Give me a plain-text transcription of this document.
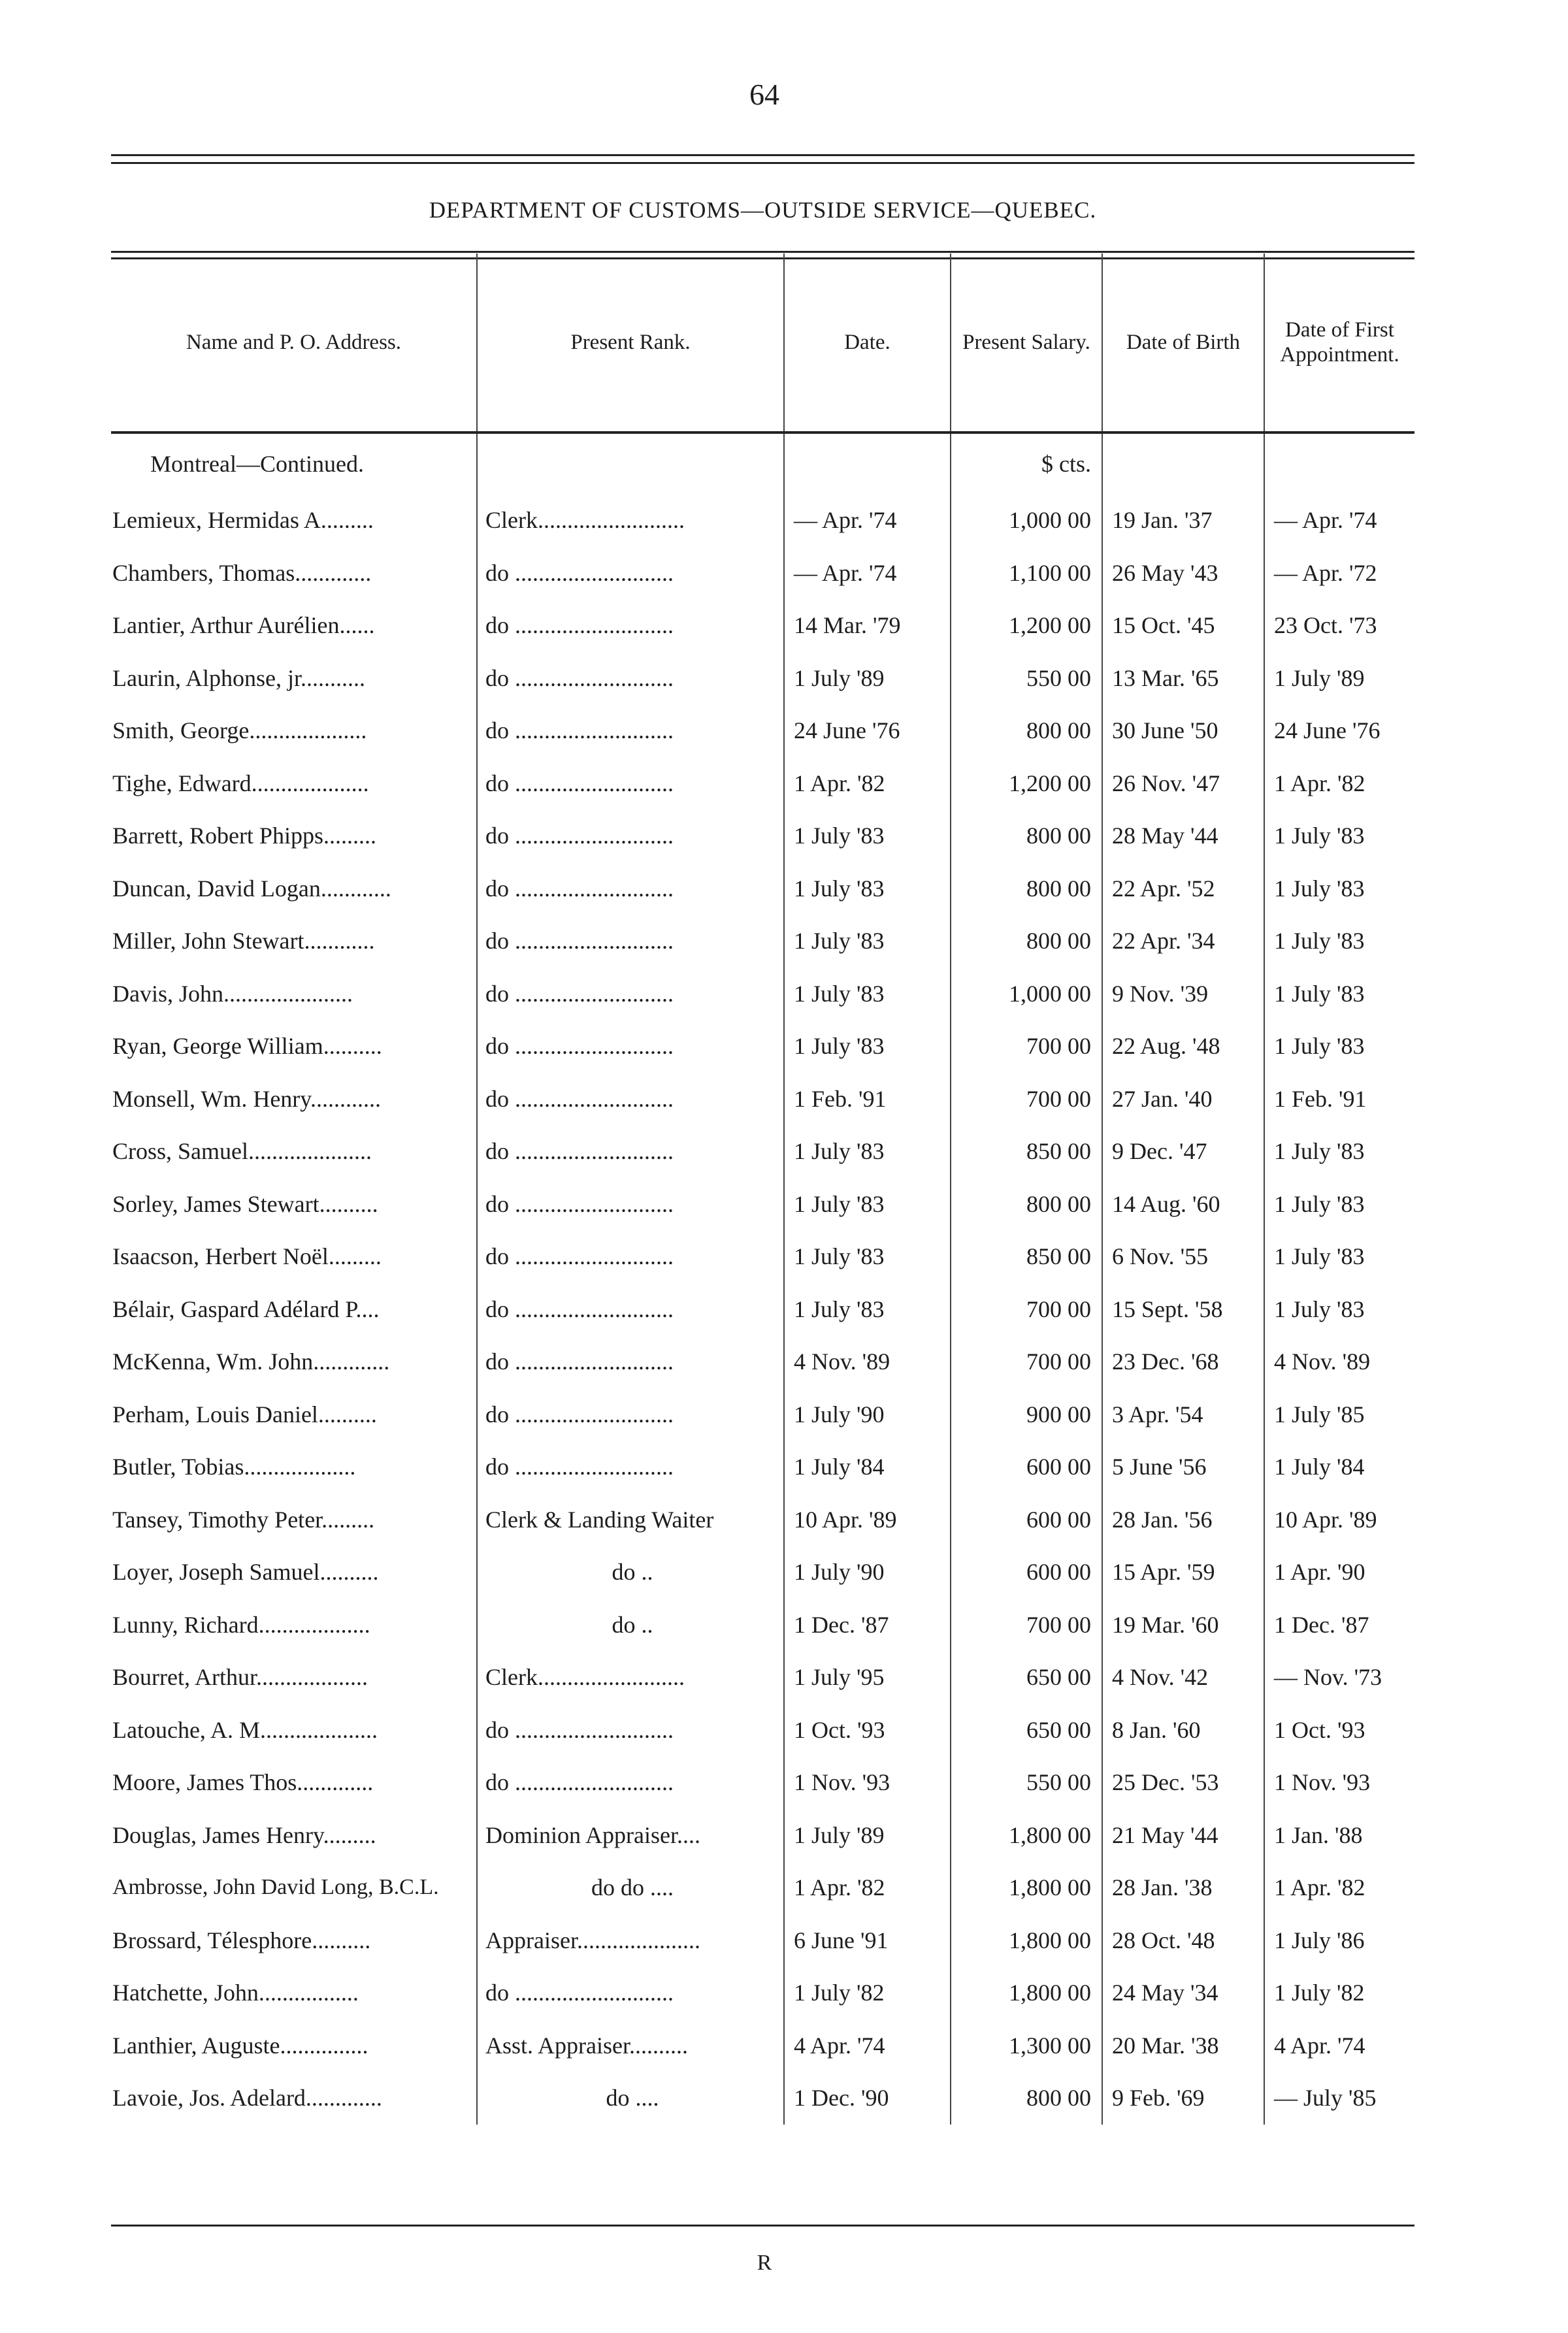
64
DEPARTMENT OF CUSTOMS—OUTSIDE SERVICE—QUEBEC.
Name and P. O. Address.	Present Rank.	Date.	Present Salary.	Date of Birth	Date of First Appointment.
Montreal—Continued.			$ cts.		
Lemieux, Hermidas A.........	Clerk.........................	— Apr. '74	1,000 00	19 Jan. '37	— Apr. '74
Chambers, Thomas.............	do ...........................	— Apr. '74	1,100 00	26 May '43	— Apr. '72
Lantier, Arthur Aurélien......	do ...........................	14 Mar. '79	1,200 00	15 Oct. '45	23 Oct. '73
Laurin, Alphonse, jr...........	do ...........................	1 July '89	550 00	13 Mar. '65	1 July '89
Smith, George....................	do ...........................	24 June '76	800 00	30 June '50	24 June '76
Tighe, Edward....................	do ...........................	1 Apr. '82	1,200 00	26 Nov. '47	1 Apr. '82
Barrett, Robert Phipps.........	do ...........................	1 July '83	800 00	28 May '44	1 July '83
Duncan, David Logan............	do ...........................	1 July '83	800 00	22 Apr. '52	1 July '83
Miller, John Stewart............	do ...........................	1 July '83	800 00	22 Apr. '34	1 July '83
Davis, John......................	do ...........................	1 July '83	1,000 00	9 Nov. '39	1 July '83
Ryan, George William..........	do ...........................	1 July '83	700 00	22 Aug. '48	1 July '83
Monsell, Wm. Henry............	do ...........................	1 Feb. '91	700 00	27 Jan. '40	1 Feb. '91
Cross, Samuel.....................	do ...........................	1 July '83	850 00	9 Dec. '47	1 July '83
Sorley, James Stewart..........	do ...........................	1 July '83	800 00	14 Aug. '60	1 July '83
Isaacson, Herbert Noël.........	do ...........................	1 July '83	850 00	6 Nov. '55	1 July '83
Bélair, Gaspard Adélard P....	do ...........................	1 July '83	700 00	15 Sept. '58	1 July '83
McKenna, Wm. John.............	do ...........................	4 Nov. '89	700 00	23 Dec. '68	4 Nov. '89
Perham, Louis Daniel..........	do ...........................	1 July '90	900 00	3 Apr. '54	1 July '85
Butler, Tobias...................	do ...........................	1 July '84	600 00	5 June '56	1 July '84
Tansey, Timothy Peter.........	Clerk & Landing Waiter	10 Apr. '89	600 00	28 Jan. '56	10 Apr. '89
Loyer, Joseph Samuel..........	do ..	1 July '90	600 00	15 Apr. '59	1 Apr. '90
Lunny, Richard...................	do ..	1 Dec. '87	700 00	19 Mar. '60	1 Dec. '87
Bourret, Arthur...................	Clerk.........................	1 July '95	650 00	4 Nov. '42	— Nov. '73
Latouche, A. M....................	do ...........................	1 Oct. '93	650 00	8 Jan. '60	1 Oct. '93
Moore, James Thos.............	do ...........................	1 Nov. '93	550 00	25 Dec. '53	1 Nov. '93
Douglas, James Henry.........	Dominion Appraiser....	1 July '89	1,800 00	21 May '44	1 Jan. '88
Ambrosse, John David Long, B.C.L.	do do ....	1 Apr. '82	1,800 00	28 Jan. '38	1 Apr. '82
Brossard, Télesphore..........	Appraiser.....................	6 June '91	1,800 00	28 Oct. '48	1 July '86
Hatchette, John.................	do ...........................	1 July '82	1,800 00	24 May '34	1 July '82
Lanthier, Auguste...............	Asst. Appraiser..........	4 Apr. '74	1,300 00	20 Mar. '38	4 Apr. '74
Lavoie, Jos. Adelard.............	do ....	1 Dec. '90	800 00	9 Feb. '69	— July '85
R
